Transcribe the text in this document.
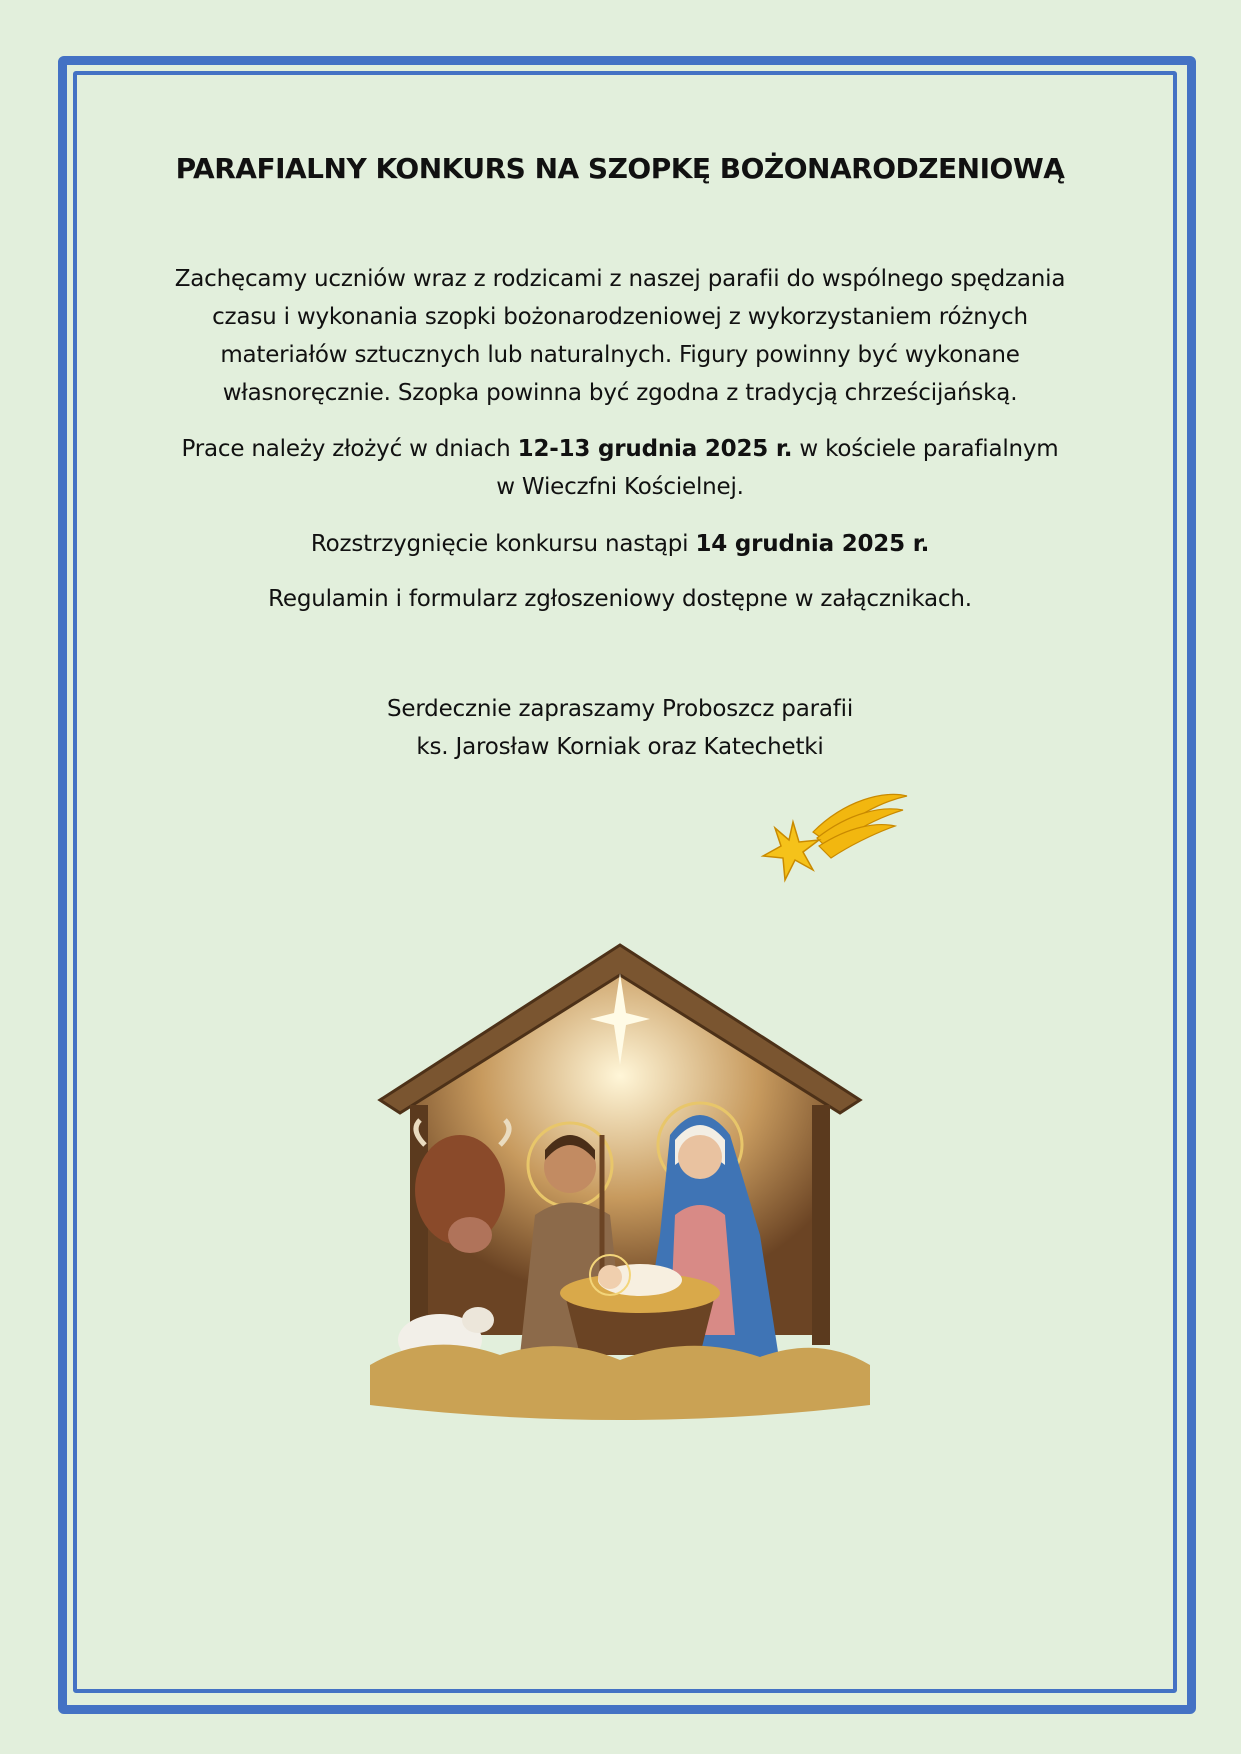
PARAFIALNY KONKURS NA SZOPKĘ BOŻONARODZENIOWĄ

Zachęcamy uczniów wraz z rodzicami z naszej parafii do wspólnego spędzania
czasu i wykonania szopki bożonarodzeniowej z wykorzystaniem różnych
materiałów sztucznych lub naturalnych. Figury powinny być wykonane
własnoręcznie. Szopka powinna być zgodna z tradycją chrześcijańską.

Prace należy złożyć w dniach 12-13 grudnia 2025 r. w kościele parafialnym
w Wieczfni Kościelnej.

Rozstrzygnięcie konkursu nastąpi 14 grudnia 2025 r.

Regulamin i formularz zgłoszeniowy dostępne w załącznikach.

Serdecznie zapraszamy Proboszcz parafii
ks. Jarosław Korniak oraz Katechetki
